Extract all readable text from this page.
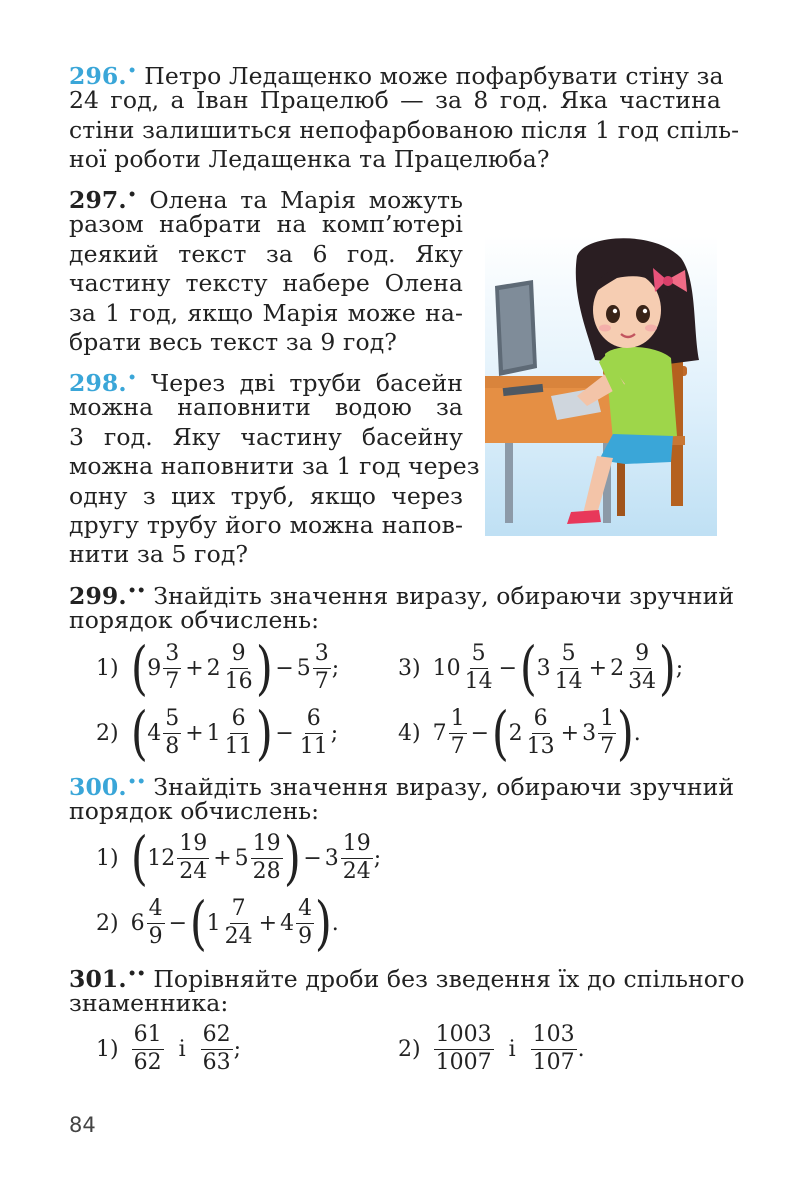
296.• Петро Ледащенко може пофарбувати стіну за
24 год, а Іван Працелюб — за 8 год. Яка частина
стіни залишиться непофарбованою після 1 год спіль-
ної роботи Ледащенка та Працелюба?
297.• Олена та Марія можуть
разом набрати на комп’ютері
деякий текст за 6 год. Яку
частину тексту набере Олена
за 1 год, якщо Марія може на-
брати весь текст за 9 год?
298.• Через дві труби басейн
можна наповнити водою за
3 год. Яку частину басейну
можна наповнити за 1 год через
одну з цих труб, якщо через
другу трубу його можна напов-
нити за 5 год?
299.•• Знайдіть значення виразу, обираючи зручний
порядок обчислень:
1) ( $9 \frac{3}{7} + 2 \frac{9}{16}$ ) − $5 \frac{3}{7}$ ;	3) $10 \frac{5}{14}$ − ( $3 \frac{5}{14} + 2 \frac{9}{34}$ ) ;
2) ( $4 \frac{5}{8} + 1 \frac{6}{11}$ ) − $\frac{6}{11}$ ;	4) $7 \frac{1}{7}$ − ( $2 \frac{6}{13} + 3 \frac{1}{7}$ ) .
300.•• Знайдіть значення виразу, обираючи зручний
порядок обчислень:
1) ( $12 \frac{19}{24} + 5 \frac{19}{28}$ ) − $3 \frac{19}{24}$ ;
2) $6 \frac{4}{9}$ − ( $1 \frac{7}{24} + 4 \frac{4}{9}$ ) .
301.•• Порівняйте дроби без зведення їх до спільного
знаменника:
$1) \frac{61}{62}$ і $\frac{62}{63}$ ;	$2) \frac{1003}{1007}$ і $\frac{103}{107}$ .
84
